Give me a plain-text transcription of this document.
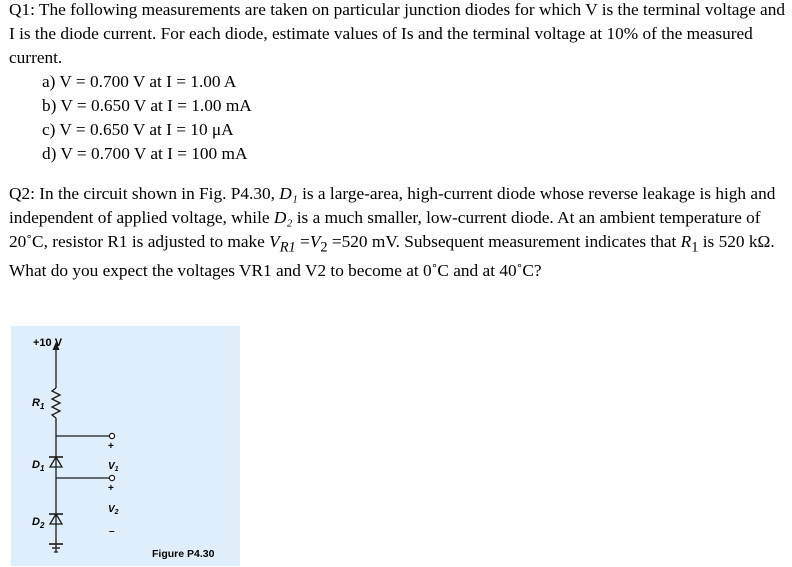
Q1: The following measurements are taken on particular junction diodes for which V is the terminal voltage and I is the diode current. For each diode, estimate values of Is and the terminal voltage at 10% of the measured current.

a) V = 0.700 V at I = 1.00 A
b) V = 0.650 V at I = 1.00 mA
c) V = 0.650 V at I = 10 μA
d) V = 0.700 V at I = 100 mA

Q2: In the circuit shown in Fig. P4.30, D₁ is a large-area, high-current diode whose reverse leakage is high and independent of applied voltage, while D₂ is a much smaller, low-current diode. At an ambient temperature of 20˚C, resistor R1 is adjusted to make $V_{R1} =V_2 =520$ mV. Subsequent measurement indicates that $R_1$ is 520 kΩ. What do you expect the voltages VR1 and V2 to become at 0˚C and at 40˚C?

+10 V
$R_1$
$D_1$
$D_2$
+
$V_1$
+
$V_2$
–
Figure P4.30
